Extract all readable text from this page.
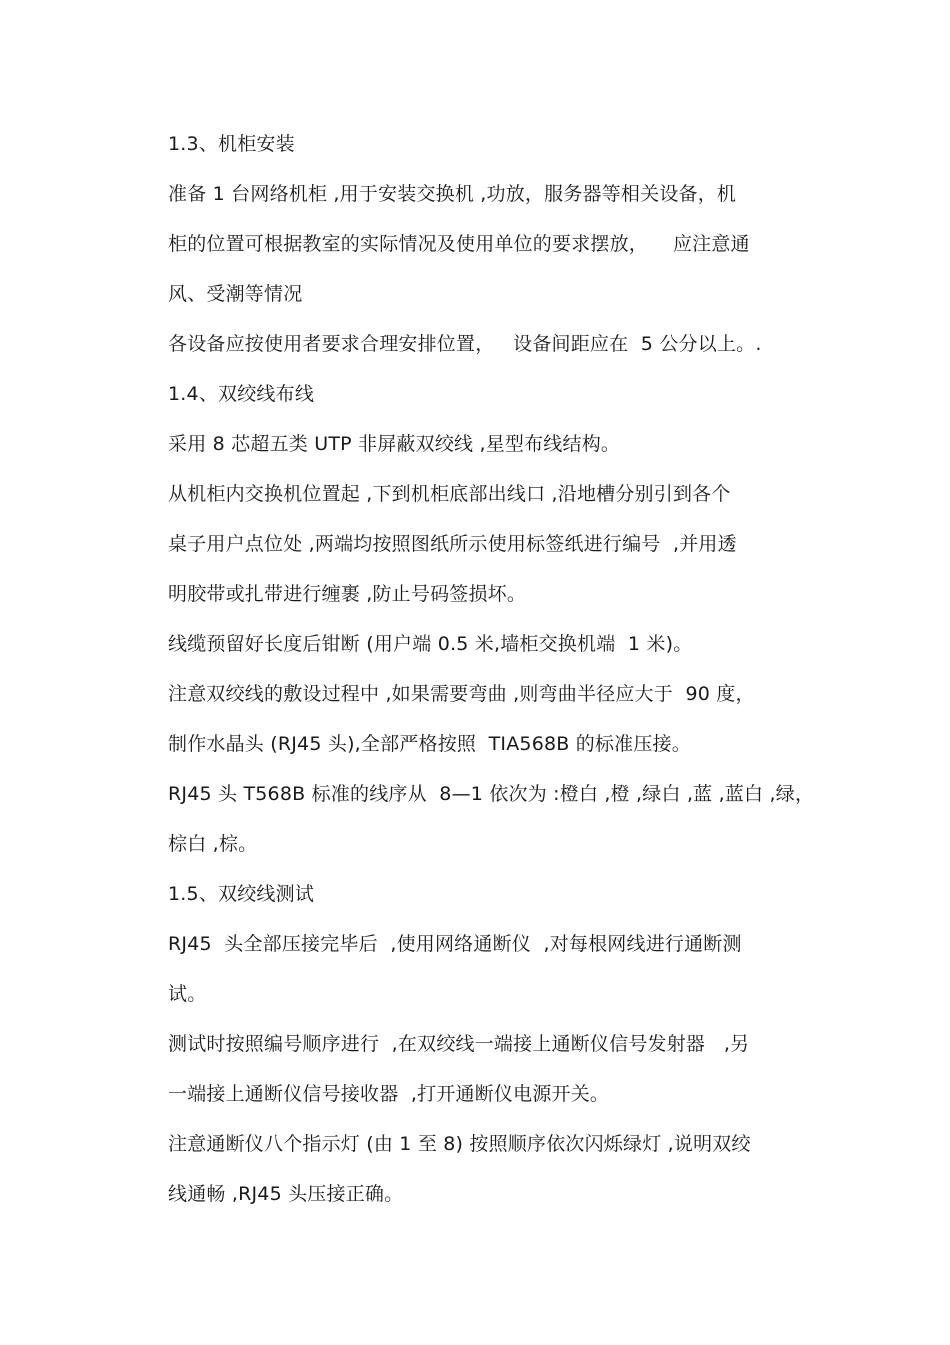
1.3、机柜安装
准备 1 台网络机柜 ,用于安装交换机 ,功放，服务器等相关设备，机
柜的位置可根据教室的实际情况及使用单位的要求摆放，    应注意通
风、受潮等情况
各设备应按使用者要求合理安排位置，   设备间距应在  5 公分以上。.
1.4、双绞线布线
采用 8 芯超五类 UTP 非屏蔽双绞线 ,星型布线结构。
从机柜内交换机位置起 ,下到机柜底部出线口 ,沿地槽分别引到各个
桌子用户点位处 ,两端均按照图纸所示使用标签纸进行编号  ,并用透
明胶带或扎带进行缠裹 ,防止号码签损坏。
线缆预留好长度后钳断 (用户端 0.5 米,墙柜交换机端  1 米)。
注意双绞线的敷设过程中 ,如果需要弯曲 ,则弯曲半径应大于  90 度，
制作水晶头 (RJ45 头),全部严格按照  TIA568B 的标准压接。
RJ45 头 T568B 标准的线序从  8—1 依次为 :橙白 ,橙 ,绿白 ,蓝 ,蓝白 ,绿，
棕白 ,棕。
1.5、双绞线测试
RJ45  头全部压接完毕后  ,使用网络通断仪  ,对每根网线进行通断测
试。
测试时按照编号顺序进行  ,在双绞线一端接上通断仪信号发射器   ,另
一端接上通断仪信号接收器  ,打开通断仪电源开关。
注意通断仪八个指示灯 (由 1 至 8) 按照顺序依次闪烁绿灯 ,说明双绞
线通畅 ,RJ45 头压接正确。
